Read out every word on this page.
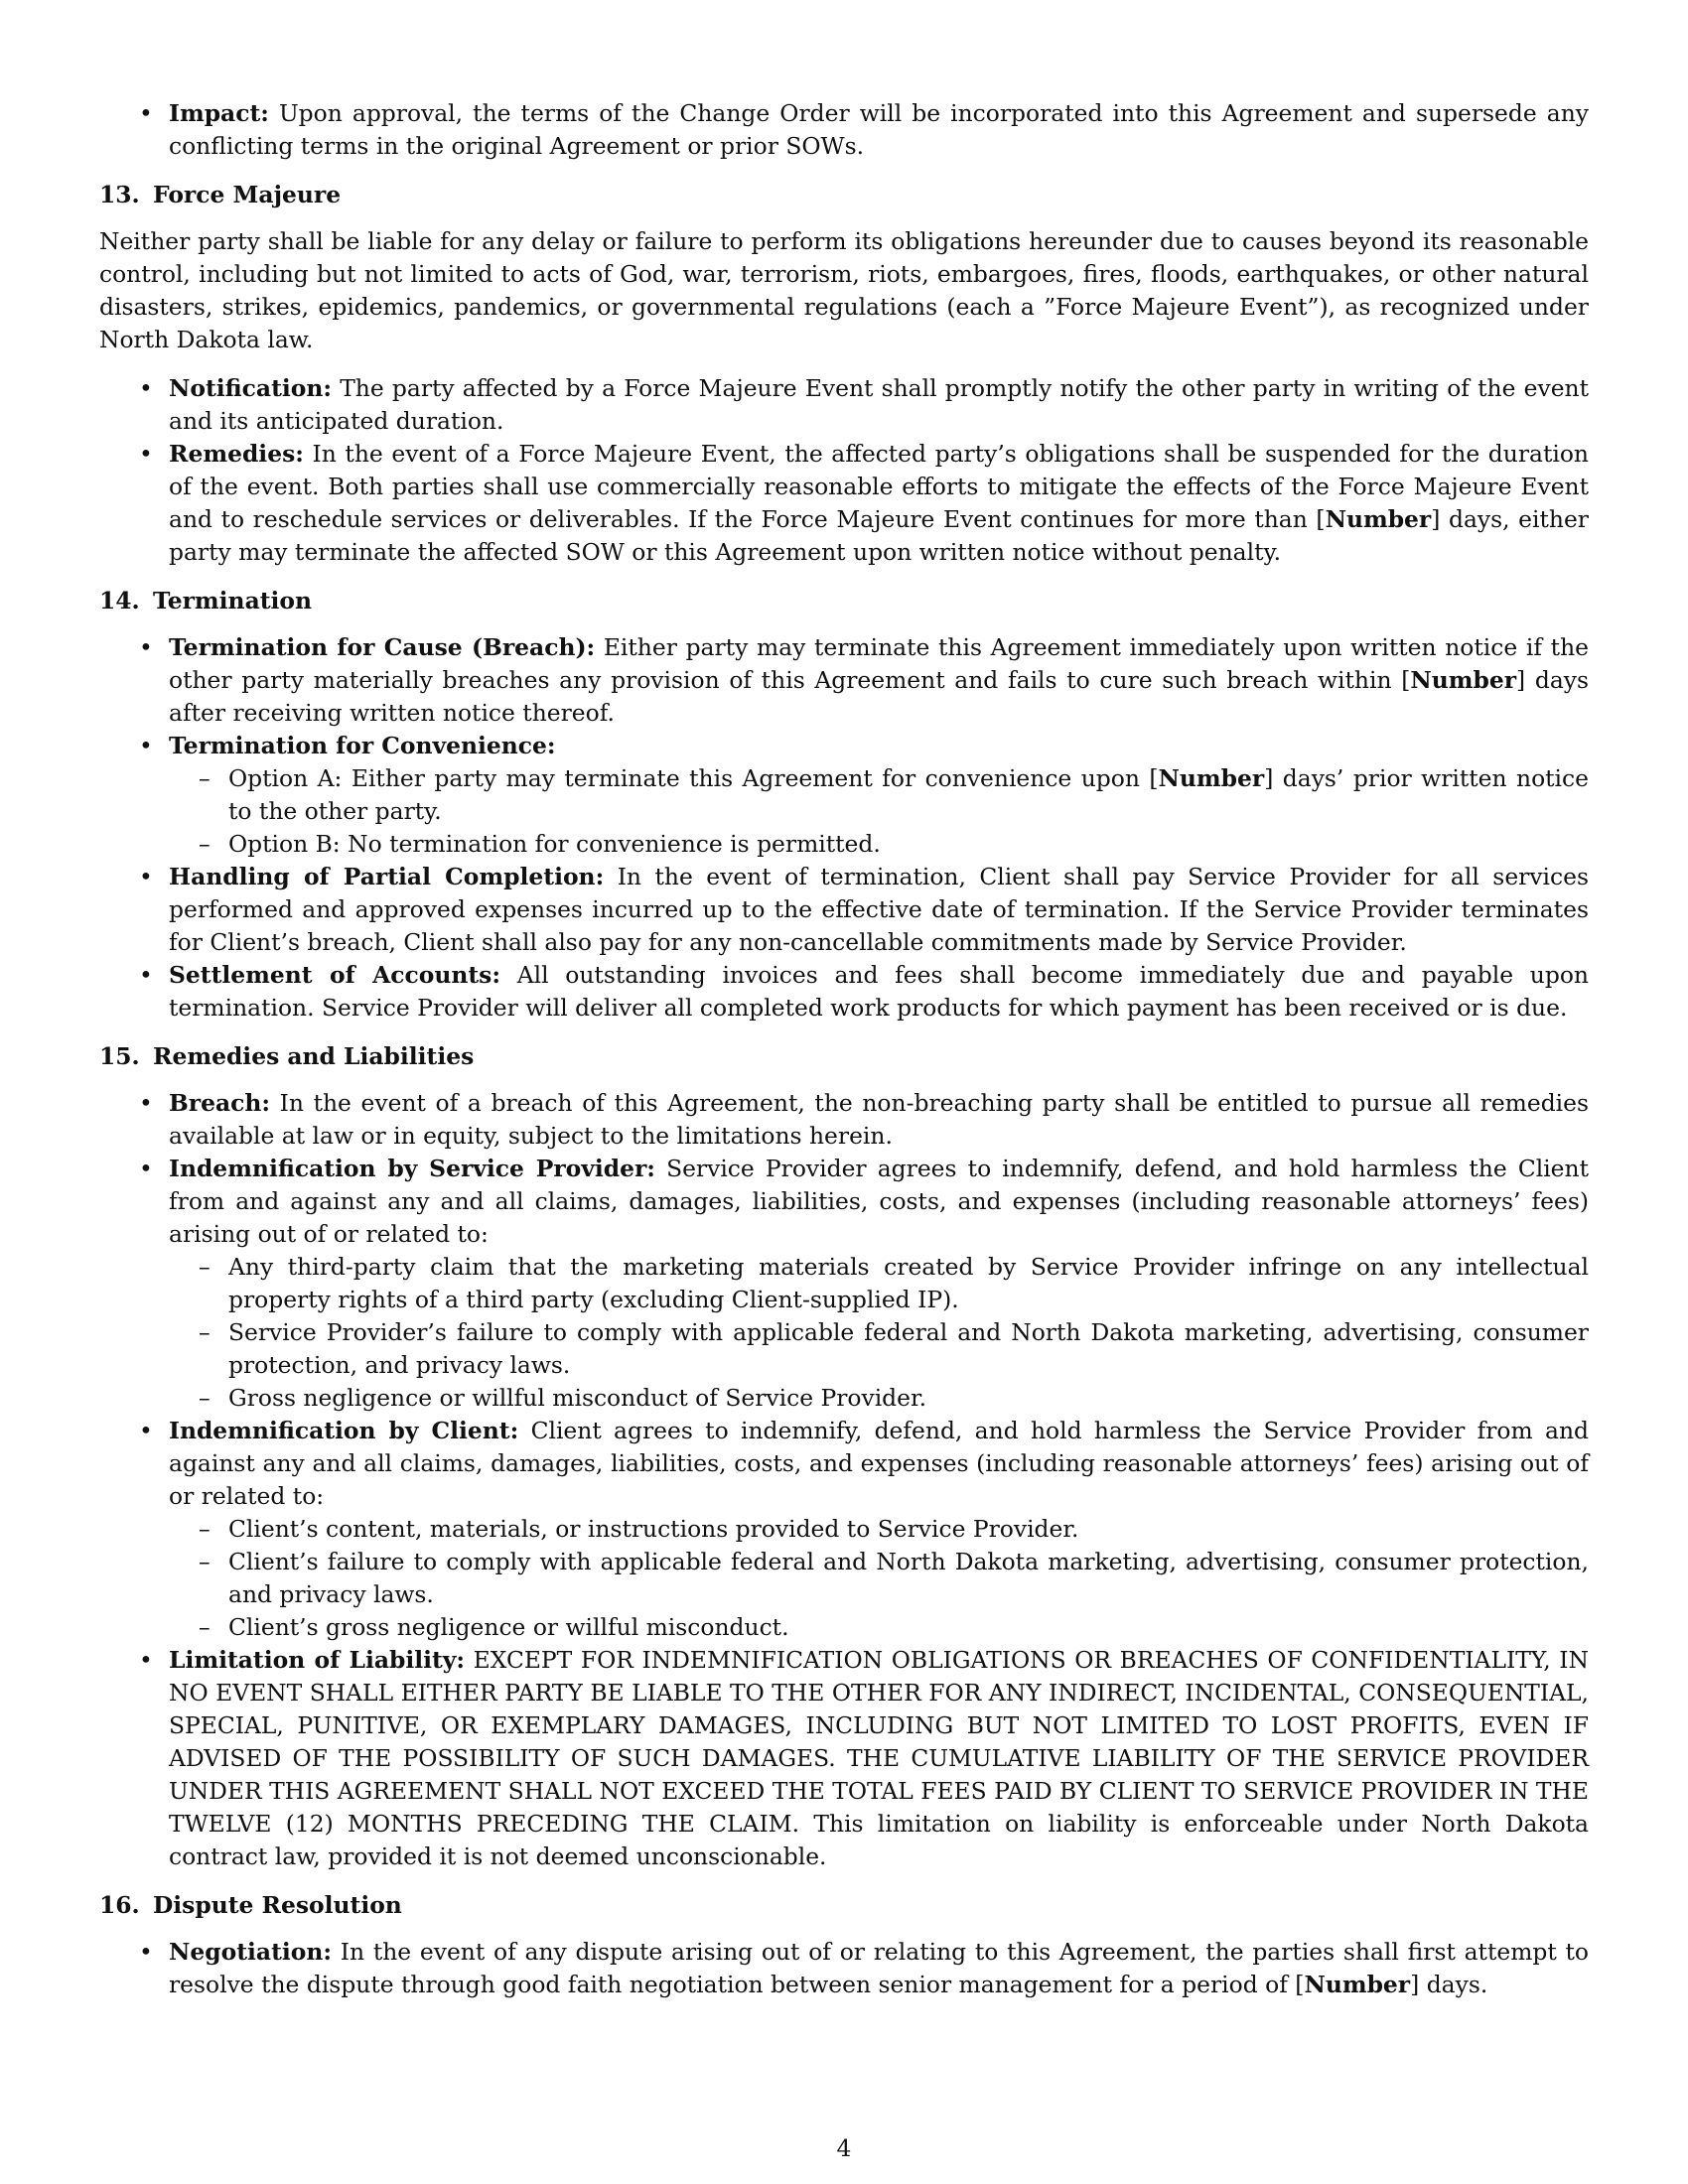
• Impact: Upon approval, the terms of the Change Order will be incorporated into this Agreement and supersede any conflicting terms in the original Agreement or prior SOWs.

13. Force Majeure

Neither party shall be liable for any delay or failure to perform its obligations hereunder due to causes beyond its reasonable control, including but not limited to acts of God, war, terrorism, riots, embargoes, fires, floods, earthquakes, or other natural disasters, strikes, epidemics, pandemics, or governmental regulations (each a ”Force Majeure Event”), as recognized under North Dakota law.

• Notification: The party affected by a Force Majeure Event shall promptly notify the other party in writing of the event and its anticipated duration.
• Remedies: In the event of a Force Majeure Event, the affected party’s obligations shall be suspended for the duration of the event. Both parties shall use commercially reasonable efforts to mitigate the effects of the Force Majeure Event and to reschedule services or deliverables. If the Force Majeure Event continues for more than [Number] days, either party may terminate the affected SOW or this Agreement upon written notice without penalty.

14. Termination

• Termination for Cause (Breach): Either party may terminate this Agreement immediately upon written notice if the other party materially breaches any provision of this Agreement and fails to cure such breach within [Number] days after receiving written notice thereof.
• Termination for Convenience:
– Option A: Either party may terminate this Agreement for convenience upon [Number] days’ prior written notice to the other party.
– Option B: No termination for convenience is permitted.
• Handling of Partial Completion: In the event of termination, Client shall pay Service Provider for all services performed and approved expenses incurred up to the effective date of termination. If the Service Provider terminates for Client’s breach, Client shall also pay for any non-cancellable commitments made by Service Provider.
• Settlement of Accounts: All outstanding invoices and fees shall become immediately due and payable upon termination. Service Provider will deliver all completed work products for which payment has been received or is due.

15. Remedies and Liabilities

• Breach: In the event of a breach of this Agreement, the non-breaching party shall be entitled to pursue all remedies available at law or in equity, subject to the limitations herein.
• Indemnification by Service Provider: Service Provider agrees to indemnify, defend, and hold harmless the Client from and against any and all claims, damages, liabilities, costs, and expenses (including reasonable attorneys’ fees) arising out of or related to:
– Any third-party claim that the marketing materials created by Service Provider infringe on any intellectual property rights of a third party (excluding Client-supplied IP).
– Service Provider’s failure to comply with applicable federal and North Dakota marketing, advertising, consumer protection, and privacy laws.
– Gross negligence or willful misconduct of Service Provider.
• Indemnification by Client: Client agrees to indemnify, defend, and hold harmless the Service Provider from and against any and all claims, damages, liabilities, costs, and expenses (including reasonable attorneys’ fees) arising out of or related to:
– Client’s content, materials, or instructions provided to Service Provider.
– Client’s failure to comply with applicable federal and North Dakota marketing, advertising, consumer protection, and privacy laws.
– Client’s gross negligence or willful misconduct.
• Limitation of Liability: EXCEPT FOR INDEMNIFICATION OBLIGATIONS OR BREACHES OF CONFIDENTIALITY, IN NO EVENT SHALL EITHER PARTY BE LIABLE TO THE OTHER FOR ANY INDIRECT, INCIDENTAL, CONSEQUENTIAL, SPECIAL, PUNITIVE, OR EXEMPLARY DAMAGES, INCLUDING BUT NOT LIMITED TO LOST PROFITS, EVEN IF ADVISED OF THE POSSIBILITY OF SUCH DAMAGES. THE CUMULATIVE LIABILITY OF THE SERVICE PROVIDER UNDER THIS AGREEMENT SHALL NOT EXCEED THE TOTAL FEES PAID BY CLIENT TO SERVICE PROVIDER IN THE TWELVE (12) MONTHS PRECEDING THE CLAIM. This limitation on liability is enforceable under North Dakota contract law, provided it is not deemed unconscionable.

16. Dispute Resolution

• Negotiation: In the event of any dispute arising out of or relating to this Agreement, the parties shall first attempt to resolve the dispute through good faith negotiation between senior management for a period of [Number] days.
4
